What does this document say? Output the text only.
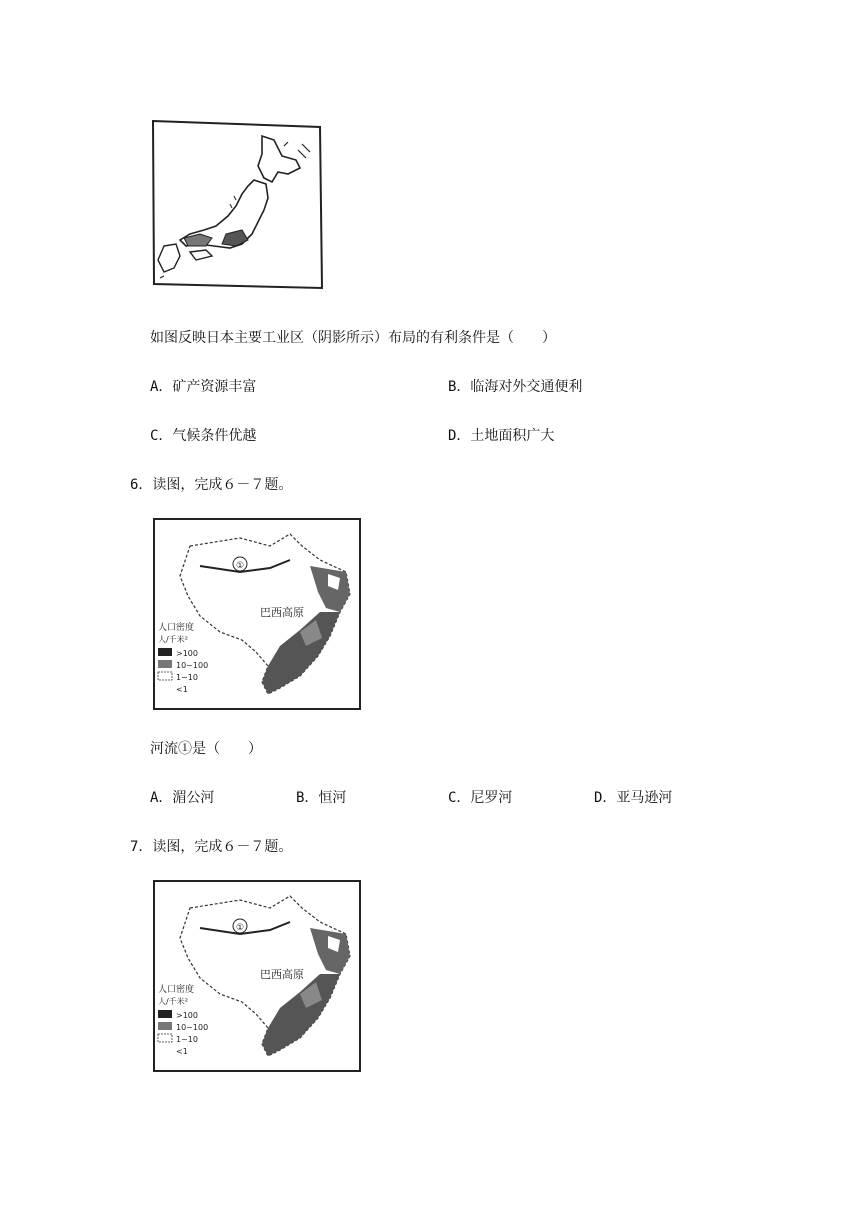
如图反映日本主要工业区（阴影所示）布局的有利条件是（　　）
A．矿产资源丰富	B．临海对外交通便利
C．气候条件优越	D．土地面积广大
6．读图，完成６－７题。
①
巴西高原
人口密度
人/千米²
>100
10~100
1~10
<1
河流①是（　　）
A．湄公河	B．恒河	C．尼罗河	D．亚马逊河
7．读图，完成６－７题。
①
巴西高原
人口密度
人/千米²
>100
10~100
1~10
<1
